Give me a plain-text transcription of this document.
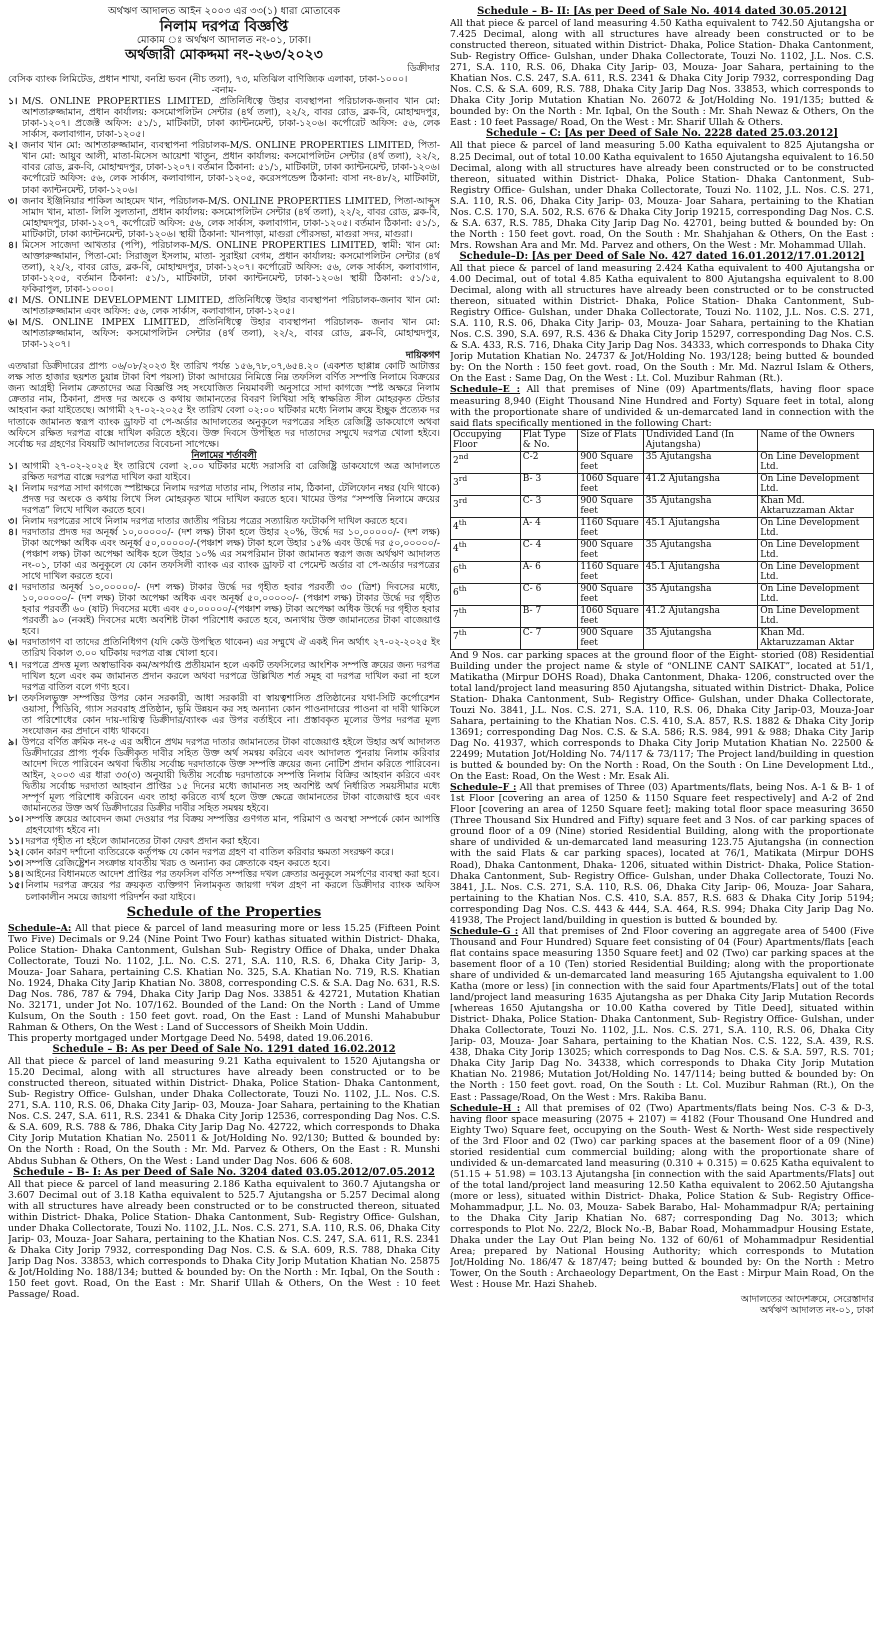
অর্থঋণ আদালত আইন ২০০৩ এর ৩৩(১) ধারা মোতাবেক
নিলাম দরপত্র বিজ্ঞপ্তি
মোকাম ঃ অর্থঋণ আদালত নং-০১, ঢাকা।
অর্থজারী মোকদ্দমা নং-২৬৩/২০২৩
ডিক্রীদার
বেসিক ব্যাংক লিমিটেড, প্রধান শাখা, বনশ্রি ভবন (নীচ তলা), ৭৩, মতিঝিল বাণিজ্যিক এলাকা, ঢাকা-১০০০।
-বনাম-
১। M/S. ONLINE PROPERTIES LIMITED, প্রতিনিধিত্বে উহার ব্যবস্থাপনা পরিচালক-জনাব খান মো: আশতারুজ্জামান, প্রধান কার্যালয়: কসমোপলিটন সেন্টার (৪র্থ তলা), ২২/২, বাবর রোড, ব্লক-বি, মোহাম্মদপুর, ঢাকা-১২০৭। প্রজেক্ট অফিস: ৫১/১, মাটিকাটা, ঢাকা ক্যান্টনমেন্ট, ঢাকা-১২০৬। কর্পোরেট অফিস: ৫৬, লেক সার্কাস, কলাবাগান, ঢাকা-১২০৫।
২। জনাব খান মো: আশতারুজ্জামান, ব্যবস্থাপনা পরিচালক-M/S. ONLINE PROPERTIES LIMITED, পিতা-খান মো: আয়ুব আলী, মাতা-মিসেস আয়েশা খাতুন, প্রধান কার্যালয়: কসমোপলিটন সেন্টার (৪র্থ তলা), ২২/২, বাবর রোড, ব্লক-বি, মোহাম্মদপুর, ঢাকা-১২০৭। বর্তমান ঠিকানা: ৫১/১, মাটিকাটা, ঢাকা ক্যান্টনমেন্ট, ঢাকা-১২০৬। কর্পোরেট অফিস: ৫৬, লেক সার্কাস, কলাবাগান, ঢাকা-১২০৫, করেসপন্ডেন্স ঠিকানা: বাসা নং-৪৮/২, মাটিকাটা, ঢাকা ক্যান্টনমেন্ট, ঢাকা-১২০৬।
৩। জনাব ইঞ্জিনিয়ার শাকিল আহমেদ খান, পরিচালক-M/S. ONLINE PROPERTIES LIMITED, পিতা-আব্দুস সামাদ খান, মাতা- লিলি সুলতানা, প্রধান কার্যালয়: কসমোপলিটন সেন্টার (৪র্থ তলা), ২২/২, বাবর রোড, ব্লক-বি, মোহাম্মদপুর, ঢাকা-১২০৭, কর্পোরেট অফিস: ৫৬, লেক সার্কাস, কলাবাগান, ঢাকা-১২০৫। বর্তমান ঠিকানা: ৫১/১, মাটিকাটা, ঢাকা ক্যান্টনমেন্ট, ঢাকা-১২০৬। স্থায়ী ঠিকানা: খানপাড়া, মাগুরা পৌরসভা, মাগুরা সদর, মাগুরা।
৪। মিসেস সাজেদা আখতার (পপি), পরিচালক-M/S. ONLINE PROPERTIES LIMITED, স্বামী: খান মো: আক্তারুজ্জামান, পিতা-মো: সিরাজুল ইসলাম, মাতা- সুরাইয়া বেগম, প্রধান কার্যালয়: কসমোপলিটন সেন্টার (৪র্থ তলা), ২২/২, বাবর রোড, ব্লক-বি, মোহাম্মদপুর, ঢাকা-১২০৭। কর্পোরেট অফিস: ৫৬, লেক সার্কাস, কলাবাগান, ঢাকা-১২০৫, বর্তমান ঠিকানা: ৫১/১, মাটিকাটা, ঢাকা ক্যান্টনমেন্ট, ঢাকা-১২০৬। স্থায়ী ঠিকানা: ৫১/১৫, ফকিরাপুল, ঢাকা-১০০০।
৫। M/S. ONLINE DEVELOPMENT LIMITED, প্রতিনিধিত্বে উহার ব্যবস্থাপনা পরিচালক-জনাব খান মো: আশতারুজ্জামান এবং অফিস: ৫৬, লেক সার্কাস, কলাবাগান, ঢাকা-১২০৫।
৬। M/S. ONLINE IMPEX LIMITED, প্রতিনিধিত্বে উহার ব্যবস্থাপনা পরিচালক- জনাব খান মো: আশতারুজ্জামান, অফিস: কসমোপলিটন সেন্টার (৪র্থ তলা), ২২/২, বাবর রোড, ব্লক-বি, মোহাম্মদপুর, ঢাকা-১২০৭।
দায়িকগণ
এতদ্বারা ডিক্রীদারের প্রাপ্য ০৬/০৮/২০২৩ ইং তারিখ পর্যন্ত ১৫৬,৭৮,০৭,৬৫৪.২০ (একশত ছাপ্পান্ন কোটি আটাত্তর লক্ষ সাত হাজার ছয়শত চুয়ান্ন টাকা বিশ পয়সা) টাকা আদায়ের নিমিত্তে নিম্ন তফসিল বর্ণিত সম্পত্তি নিলামে বিক্রয়ের জন্য আগ্রহী নিলাম ক্রেতাদের অত্র বিজ্ঞপ্তি সহ সংযোজিত নিয়মাবলী অনুসারে সাদা কাগজে স্পষ্ট অক্ষরে নিলাম ক্রেতার নাম, ঠিকানা, প্রদত্ত দর অংকে ও কথায় জামানতের বিবরণ লিখিয়া সহি স্বাক্ষরিত সীল মোহরকৃত টেন্ডার আহবান করা যাইতেছে। আগামী ২৭-০২-২০২৫ ইং তারিখ বেলা ০২:০০ ঘটিকার মধ্যে নিলাম ক্রয়ে ইচ্ছুক প্রত্যেক দর দাতাকে জামানত স্বরূপ ব্যাংক ড্রাফট বা পে-অর্ডার আদালতের অনুকূলে দরপত্রের সহিত রেজিষ্ট্রি ডাকযোগে অথবা অফিসে রক্ষিত দরপত্র বাক্সে দাখিল করিতে হইবে। উক্ত দিবসে উপস্থিত দর দাতাদের সম্মুখে দরপত্র খোলা হইবে। সর্বোচ্চ দর গ্রহণের বিষয়টি আদালতের বিবেচনা সাপেক্ষে।
নিলামের শর্তাবলী
১। আগামী ২৭-০২-২০২৫ ইং তারিখে বেলা ২.০০ ঘটিকার মধ্যে সরাসরি বা রেজিষ্ট্রি ডাকযোগে অত্র আদালতে রক্ষিত দরপত্র বাক্সে দরপত্র দাখিল করা যাইবে।
২। নিলাম দরপত্র সাদা কাগজে স্পষ্টাক্ষরে নিলাম দরপত্র দাতার নাম, পিতার নাম, ঠিকানা, টেলিফোন নম্বর (যদি থাকে) প্রদত্ত দর অংকে ও কথায় লিখে সিল মোহরকৃত খামে দাখিল করতে হবে। খামের উপর “সম্পত্তি নিলামে ক্রয়ের দরপত্র” লিখে দাখিল করতে হবে।
৩। নিলাম দরপত্রের সাথে নিলাম দরপত্র দাতার জাতীয় পরিচয় পত্রের সত্যায়িত ফটোকপি দাখিল করতে হবে।
৪। দরদাতার প্রদত্ত দর অনূর্ধ্ব ১০,০০০০০/- (দশ লক্ষ) টাকা হলে উহার ২০%, উর্দ্ধে দর ১০,০০০০০/- (দশ লক্ষ) টাকা অপেক্ষা অধিক এবং অনূর্ধ্ব ৫০,০০০০০/-(পঞ্চাশ লক্ষ) টাকা হলে উহার ১৫% এবং উর্দ্ধে দর ৫০,০০০০০/- (পঞ্চাশ লক্ষ) টাকা অপেক্ষা অধিক হলে উহার ১০% এর সমপরিমান টাকা জামানত স্বরূপ জজ অর্থঋণ আদালত নং-০১, ঢাকা এর অনুকূলে যে কোন তফসিলী ব্যাংক এর ব্যাংক ড্রাফট বা পেমেন্ট অর্ডার বা পে-অর্ডার দরপত্রের সাথে দাখিল করতে হবে।
৫। দরদাতার অনূর্ধ্ব ১০,০০০০০/- (দশ লক্ষ) টাকার উর্দ্ধে দর গৃহীত হবার পরবর্তী ৩০ (ত্রিশ) দিবসের মধ্যে, ১০,০০০০০/- (দশ লক্ষ) টাকা অপেক্ষা অধিক এবং অনূর্ধ্ব ৫০,০০০০০/- (পঞ্চাশ লক্ষ) টাকার উর্দ্ধে দর গৃহীত হবার পরবর্তী ৬০ (ষাট) দিবসের মধ্যে এবং ৫০,০০০০০/-(পঞ্চাশ লক্ষ) টাকা অপেক্ষা অধিক উর্দ্ধে দর গৃহীত হবার পরবর্তী ৯০ (নব্বই) দিবসের মধ্যে অবশিষ্ট টাকা পরিশোধ করতে হবে, অন্যথায় উক্ত জামানতের টাকা বাজেয়াপ্ত হবে।
৬। দরদাতাগণ বা তাদের প্রতিনিধিগণ (যদি কেউ উপস্থিত থাকেন) এর সম্মুখে ঐ একই দিন অর্থাৎ ২৭-০২-২০২৫ ইং তারিখ বিকাল ৩.০০ ঘটিকায় দরপত্র বাক্স খোলা হবে।
৭। দরপত্রে প্রদত্ত মূল্য অস্বাভাবিক কম/অপর্যাপ্ত প্রতীয়মান হলে একটি তফসিলের আংশিক সম্পত্তি ক্রয়ের জন্য দরপত্র দাখিল হলে এবং কম জামানত প্রদান করলে অথবা দরপত্রে উল্লিখিত শর্ত সমূহ বা দরপত্র দাখিল করা না হলে দরপত্র বাতিল বলে গণ্য হবে।
৮। তফসিলভুক্ত সম্পত্তির উপর কোন সরকারী, আধা সরকারী বা স্বায়ত্বশাসিত প্রতিষ্ঠানের যথা-সিটি কর্পোরেশন ওয়াসা, পিডিবি, গ্যাস সরবরাহ প্রতিষ্ঠান, ভূমি উন্নয়ন কর সহ অন্যান্য কোন পাওনাদারের পাওনা বা দাবী থাকিলে তা পরিশোধের কোন দায়-দায়িত্ব ডিক্রীদার/ব্যাংক এর উপর বর্তাইবে না। প্রস্তাবকৃত মূল্যের উপর দরপত্র মূল্য সংযোজন কর প্রদানে বাধ্য থাকবে।
৯। উপরে বর্ণিত ক্রমিক নং-৫ এর অধীনে প্রথম দরপত্র দাতার জামানতের টাকা বাজেয়াপ্ত হইলে উহার অর্থ আদালত ডিক্রীদারের প্রাপ্য পূর্বক ডিক্রীকৃত দাবীর সহিত উক্ত অর্থ সমন্বয় করিবে এবং আদালত পুনরায় নিলাম করিবার আদেশ দিতে পারিবেন অথবা দ্বিতীয় সর্বোচ্চ দরদাতাকে উক্ত সম্পত্তি ক্রয়ের জন্য নোটিশ প্রদান করিতে পারিবেন। আইন, ২০০৩ এর ধারা ৩৩(৩) অনুযায়ী দ্বিতীয় সর্বোচ্চ দরদাতাকে সম্পত্তি নিলাম বিক্রির আহবান করিবে এবং দ্বিতীয় সর্বোচ্চ দরদাতা আহবান প্রাপ্তির ১৫ দিনের মধ্যে জামানত সহ অবশিষ্ট অর্থ নির্ধারিত সময়সীমার মধ্যে সম্পূর্ণ মূল্য পরিশোধ করিবেন এবং তাহা করিতে ব্যর্থ হলে উক্ত ক্ষেত্রে জামানতের টাকা বাজেয়াপ্ত হবে এবং জামানতের উক্ত অর্থ ডিক্রীদারের ডিক্রীর দাবীর সহিত সমন্বয় হইবে।
১০। সম্পত্তি ক্রয়ের আবেদন জমা দেওয়ার পর বিক্রয় সম্পত্তির গুণগত মান, পরিমাণ ও অবস্থা সম্পর্কে কোন আপত্তি গ্রহণযোগ্য হইবে না।
১১। দরপত্র গৃহীত না হইলে জামানতের টাকা ফেরৎ প্রদান করা হইবে।
১২। কোন কারণ দর্শানো ব্যতিরেকে কর্তৃপক্ষ যে কোন দরপত্র গ্রহণ বা বাতিল করিবার ক্ষমতা সংরক্ষণ করে।
১৩। সম্পত্তি রেজিষ্ট্রেশন সংক্রান্ত যাবতীয় খরচ ও অন্যান্য কর ক্রেতাকে বহন করতে হবে।
১৪। আইনের বিধানমতে আদেশ প্রাপ্তির পর তফসিল বর্ণিত সম্পত্তির দখল ক্রেতার অনুকূলে সমর্পণের ব্যবস্থা করা হবে।
১৫। নিলাম দরপত্র ক্রয়ের পর ক্রয়কৃত ব্যক্তিগণ নিলামকৃত জায়গা দখল গ্রহণ না করলে ডিক্রীদার ব্যাংক অফিস চলাকালীন সময়ে জায়গা পরিদর্শন করা যাইবে।
Schedule of the Properties
Schedule–A: All that piece & parcel of land measuring more or less 15.25 (Fifteen Point Two Five) Decimals or 9.24 (Nine Point Two Four) kathas situated within District- Dhaka, Police Station- Dhaka Cantonment, Gulshan Sub- Registry Office of Dhaka, under Dhaka Collectorate, Touzi No. 1102, J.L. No. C.S. 271, S.A. 110, R.S. 6, Dhaka City Jarip- 3, Mouza- Joar Sahara, pertaining C.S. Khatian No. 325, S.A. Khatian No. 719, R.S. Khatian No. 1924, Dhaka City Jarip Khatian No. 3808, corresponding C.S. & S.A. Dag No. 631, R.S. Dag Nos. 786, 787 & 794, Dhaka City Jarip Dag Nos. 33851 & 42721, Mutation Khatian No. 32171, under Jot No. 107/162. Bounded of the Land: On the North : Land of Umme Kulsum, On the South : 150 feet govt. road, On the East : Land of Munshi Mahabubur Rahman & Others, On the West : Land of Successors of Sheikh Moin Uddin.
This property mortgaged under Mortgage Deed No. 5498, dated 19.06.2016.
Schedule – B: As per Deed of Sale No. 1291 dated 16.02.2012
All that piece & parcel of land measuring 9.21 Katha equivalent to 1520 Ajutangsha or 15.20 Decimal, along with all structures have already been constructed or to be constructed thereon, situated within District- Dhaka, Police Station- Dhaka Cantonment, Sub- Registry Office- Gulshan, under Dhaka Collectorate, Touzi No. 1102, J.L. Nos. C.S. 271, S.A. 110, R.S. 06, Dhaka City Jarip- 03, Mouza- Joar Sahara, pertaining to the Khatian Nos. C.S. 247, S.A. 611, R.S. 2341 & Dhaka City Jorip 12536, corresponding Dag Nos. C.S. & S.A. 609, R.S. 788 & 786, Dhaka City Jarip Dag No. 42722, which corresponds to Dhaka City Jorip Mutation Khatian No. 25011 & Jot/Holding No. 92/130; Butted & bounded by: On the North : Road, On the South : Mr. Md. Parvez & Others, On the East : R. Munshi Abdus Subhan & Others, On the West : Land under Dag Nos. 606 & 608.
Schedule – B- I: As per Deed of Sale No. 3204 dated 03.05.2012/07.05.2012
All that piece & parcel of land measuring 2.186 Katha equivalent to 360.7 Ajutangsha or 3.607 Decimal out of 3.18 Katha equivalent to 525.7 Ajutangsha or 5.257 Decimal along with all structures have already been constructed or to be constructed thereon, situated within District- Dhaka, Police Station- Dhaka Cantonment, Sub- Registry Office- Gulshan, under Dhaka Collectorate, Touzi No. 1102, J.L. Nos. C.S. 271, S.A. 110, R.S. 06, Dhaka City Jarip- 03, Mouza- Joar Sahara, pertaining to the Khatian Nos. C.S. 247, S.A. 611, R.S. 2341 & Dhaka City Jorip 7932, corresponding Dag Nos. C.S. & S.A. 609, R.S. 788, Dhaka City Jarip Dag Nos. 33853, which corresponds to Dhaka City Jorip Mutation Khatian No. 25875 & Jot/Holding No. 188/134; butted & bounded by: On the North : Mr. Iqbal, On the South : 150 feet govt. Road, On the East : Mr. Sharif Ullah & Others, On the West : 10 feet Passage/ Road.
Schedule – B- II: [As per Deed of Sale No. 4014 dated 30.05.2012]
All that piece & parcel of land measuring 4.50 Katha equivalent to 742.50 Ajutangsha or 7.425 Decimal, along with all structures have already been constructed or to be constructed thereon, situated within District- Dhaka, Police Station- Dhaka Cantonment, Sub- Registry Office- Gulshan, under Dhaka Collectorate, Touzi No. 1102, J.L. Nos. C.S. 271, S.A. 110, R.S. 06, Dhaka City Jarip- 03, Mouza- Joar Sahara, pertaining to the Khatian Nos. C.S. 247, S.A. 611, R.S. 2341 & Dhaka City Jorip 7932, corresponding Dag Nos. C.S. & S.A. 609, R.S. 788, Dhaka City Jarip Dag Nos. 33853, which corresponds to Dhaka City Jorip Mutation Khatian No. 26072 & Jot/Holding No. 191/135; butted & bounded by: On the North : Mr. Iqbal, On the South : Mr. Shah Newaz & Others, On the East : 10 feet Passage/ Road, On the West : Mr. Sharif Ullah & Others.
Schedule – C: [As per Deed of Sale No. 2228 dated 25.03.2012]
All that piece & parcel of land measuring 5.00 Katha equivalent to 825 Ajutangsha or 8.25 Decimal, out of total 10.00 Katha equivalent to 1650 Ajutangsha equivalent to 16.50 Decimal, along with all structures have already been constructed or to be constructed thereon, situated within District- Dhaka, Police Station- Dhaka Cantonment, Sub- Registry Office- Gulshan, under Dhaka Collectorate, Touzi No. 1102, J.L. Nos. C.S. 271, S.A. 110, R.S. 06, Dhaka City Jarip- 03, Mouza- Joar Sahara, pertaining to the Khatian Nos. C.S. 170, S.A. 502, R.S. 676 & Dhaka City Jorip 19215, corresponding Dag Nos. C.S. & S.A. 637, R.S. 785, Dhaka City Jarip Dag No. 42701, being butted & bounded by: On the North : 150 feet govt. road, On the South : Mr. Shahjahan & Others, On the East : Mrs. Rowshan Ara and Mr. Md. Parvez and others, On the West : Mr. Mohammad Ullah.
Schedule–D: [As per Deed of Sale No. 427 dated 16.01.2012/17.01.2012]
All that piece & parcel of land measuring 2.424 Katha equivalent to 400 Ajutangsha or 4.00 Decimal, out of total 4.85 Katha equivalent to 800 Ajutangsha equivalent to 8.00 Decimal, along with all structures have already been constructed or to be constructed thereon, situated within District- Dhaka, Police Station- Dhaka Cantonment, Sub- Registry Office- Gulshan, under Dhaka Collectorate, Touzi No. 1102, J.L. Nos. C.S. 271, S.A. 110, R.S. 06, Dhaka City Jarip- 03, Mouza- Joar Sahara, pertaining to the Khatian Nos. C.S. 390, S.A. 697, R.S. 436 & Dhaka City Jorip 15297, corresponding Dag Nos. C.S. & S.A. 433, R.S. 716, Dhaka City Jarip Dag Nos. 34333, which corresponds to Dhaka City Jorip Mutation Khatian No. 24737 & Jot/Holding No. 193/128; being butted & bounded by: On the North : 150 feet govt. road, On the South : Mr. Md. Nazrul Islam & Others, On the East : Same Dag, On the West : Lt. Col. Muzibur Rahman (Rt.).
Schedule–E : All that premises of Nine (09) Apartments/flats, having floor space measuring 8,940 (Eight Thousand Nine Hundred and Forty) Square feet in total, along with the proportionate share of undivided & un-demarcated land in connection with the said flats specifically mentioned in the following Chart:
Occupying Floor	Flat Type & No.	Size of Flats	Undivided Land (In Ajutangsha)	Name of the Owners
2nd	C-2	900 Square feet	35 Ajutangsha	On Line Development Ltd.
3rd	B- 3	1060 Square feet	41.2 Ajutangsha	On Line Development Ltd.
3rd	C- 3	900 Square feet	35 Ajutangsha	Khan Md. Aktaruzzaman Aktar
4th	A- 4	1160 Square feet	45.1 Ajutangsha	On Line Development Ltd.
4th	C- 4	900 Square feet	35 Ajutangsha	On Line Development Ltd.
6th	A- 6	1160 Square feet	45.1 Ajutangsha	On Line Development Ltd.
6th	C- 6	900 Square feet	35 Ajutangsha	On Line Development Ltd.
7th	B- 7	1060 Square feet	41.2 Ajutangsha	On Line Development Ltd.
7th	C- 7	900 Square feet	35 Ajutangsha	Khan Md. Aktaruzzaman Aktar
And 9 Nos. car parking spaces at the ground floor of the Eight- storied (08) Residential Building under the project name & style of “ONLINE CANT SAIKAT”, located at 51/1, Matikatha (Mirpur DOHS Road), Dhaka Cantonment, Dhaka- 1206, constructed over the total land/project land measuring 850 Ajutangsha, situated within District- Dhaka, Police Station- Dhaka Cantonment, Sub- Registry Office- Gulshan, under Dhaka Collectorate, Touzi No. 3841, J.L. Nos. C.S. 271, S.A. 110, R.S. 06, Dhaka City Jarip-03, Mouza-Joar Sahara, pertaining to the Khatian Nos. C.S. 410, S.A. 857, R.S. 1882 & Dhaka City Jorip 13691; corresponding Dag Nos. C.S. & S.A. 586; R.S. 984, 991 & 988; Dhaka City Jarip Dag No. 41937, which corresponds to Dhaka City Jorip Mutation Khatian No. 22500 & 22499; Mutation Jot/Holding No. 74/117 & 73/117; The Project land/building in question is butted & bounded by: On the North : Road, On the South : On Line Development Ltd., On the East: Road, On the West : Mr. Esak Ali.
Schedule–F : All that premises of Three (03) Apartments/flats, being Nos. A-1 & B- 1 of 1st Floor [covering an area of 1250 & 1150 Square feet respectively] and A-2 of 2nd Floor [covering an area of 1250 Square feet]; making total floor space measuring 3650 (Three Thousand Six Hundred and Fifty) square feet and 3 Nos. of car parking spaces of ground floor of a 09 (Nine) storied Residential Building, along with the proportionate share of undivided & un-demarcated land measuring 123.75 Ajutangsha (in connection with the said Flats & car parking spaces), located at 76/1, Matikata (Mirpur DOHS Road), Dhaka Cantonment, Dhaka- 1206, situated within District- Dhaka, Police Station- Dhaka Cantonment, Sub- Registry Office- Gulshan, under Dhaka Collectorate, Touzi No. 3841, J.L. Nos. C.S. 271, S.A. 110, R.S. 06, Dhaka City Jarip- 06, Mouza- Joar Sahara, pertaining to the Khatian Nos. C.S. 410, S.A. 857, R.S. 683 & Dhaka City Jorip 5194; corresponding Dag Nos. C.S. 443 & 444, S.A. 464, R.S. 994; Dhaka City Jarip Dag No. 41938, The Project land/building in question is butted & bounded by.
Schedule–G : All that premises of 2nd Floor covering an aggregate area of 5400 (Five Thousand and Four Hundred) Square feet consisting of 04 (Four) Apartments/flats [each flat contains space measuring 1350 Square feet] and 02 (Two) car parking spaces at the basement floor of a 10 (Ten) storied Residential Building; along with the proportionate share of undivided & un-demarcated land measuring 165 Ajutangsha equivalent to 1.00 Katha (more or less) [in connection with the said four Apartments/Flats] out of the total land/project land measuring 1635 Ajutangsha as per Dhaka City Jarip Mutation Records [whereas 1650 Ajutangsha or 10.00 Katha covered by Title Deed], situated within District- Dhaka, Police Station- Dhaka Cantonment, Sub- Registry Office- Gulshan, under Dhaka Collectorate, Touzi No. 1102, J.L. Nos. C.S. 271, S.A. 110, R.S. 06, Dhaka City Jarip- 03, Mouza- Joar Sahara, pertaining to the Khatian Nos. C.S. 122, S.A. 439, R.S. 438, Dhaka City Jorip 13025; which corresponds to Dag Nos. C.S. & S.A. 597, R.S. 701; Dhaka City Jarip Dag No. 34338, which corresponds to Dhaka City Jorip Mutation Khatian No. 21986; Mutation Jot/Holding No. 147/114; being butted & bounded by: On the North : 150 feet govt. road, On the South : Lt. Col. Muzibur Rahman (Rt.), On the East : Passage/Road, On the West : Mrs. Rakiba Banu.
Schedule–H : All that premises of 02 (Two) Apartments/flats being Nos. C-3 & D-3, having floor space measuring (2075 + 2107) = 4182 (Four Thousand One Hundred and Eighty Two) Square feet, occupying on the South- West & North- West side respectively of the 3rd Floor and 02 (Two) car parking spaces at the basement floor of a 09 (Nine) storied residential cum commercial building; along with the proportionate share of undivided & un-demarcated land measuring (0.310 + 0.315) = 0.625 Katha equivalent to (51.15 + 51.98) = 103.13 Ajutangsha [in connection with the said Apartments/Flats] out of the total land/project land measuring 12.50 Katha equivalent to 2062.50 Ajutangsha (more or less), situated within District- Dhaka, Police Station & Sub- Registry Office- Mohammadpur, J.L. No. 03, Mouza- Sabek Barabo, Hal- Mohammadpur R/A; pertaining to the Dhaka City Jarip Khatian No. 687; corresponding Dag No. 3013; which corresponds to Plot No. 22/2, Block No.-B, Babar Road, Mohammadpur Housing Estate, Dhaka under the Lay Out Plan being No. 132 of 60/61 of Mohammadpur Residential Area; prepared by National Housing Authority; which corresponds to Mutation Jot/Holding No. 186/47 & 187/47; being butted & bounded by: On the North : Metro Tower, On the South : Archaeology Department, On the East : Mirpur Main Road, On the West : House Mr. Hazi Shaheb.
আদালতের আদেশক্রমে, সেরেস্তাদার
অর্থঋণ আদালত নং-০১, ঢাকা
